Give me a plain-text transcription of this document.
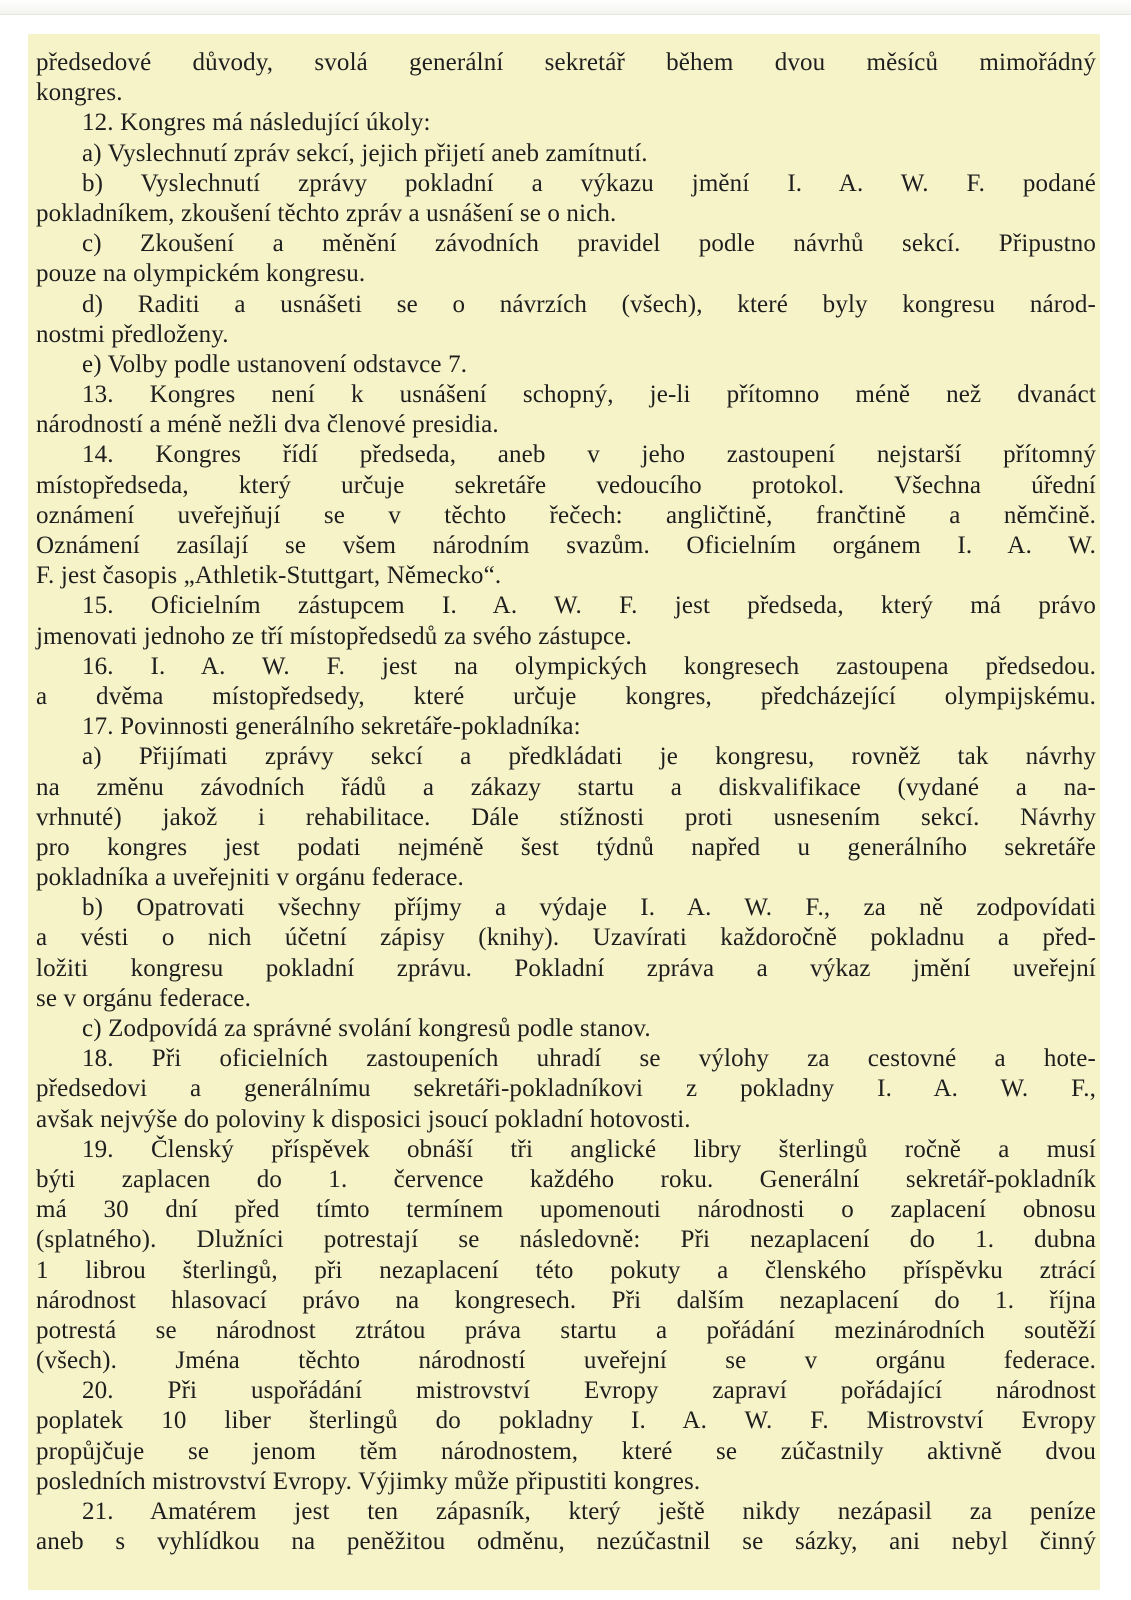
předsedové důvody, svolá generální sekretář během dvou měsíců mimořádný
kongres.
12. Kongres má následující úkoly:
a) Vyslechnutí zpráv sekcí, jejich přijetí aneb zamítnutí.
b) Vyslechnutí zprávy pokladní a výkazu jmění I. A. W. F. podané
pokladníkem, zkoušení těchto zpráv a usnášení se o nich.
c) Zkoušení a měnění závodních pravidel podle návrhů sekcí. Připustno
pouze na olympickém kongresu.
d) Raditi a usnášeti se o návrzích (všech), které byly kongresu národ-
nostmi předloženy.
e) Volby podle ustanovení odstavce 7.
13. Kongres není k usnášení schopný, je-li přítomno méně než dvanáct
národností a méně nežli dva členové presidia.
14. Kongres řídí předseda, aneb v jeho zastoupení nejstarší přítomný
místopředseda, který určuje sekretáře vedoucího protokol. Všechna úřední
oznámení uveřejňují se v těchto řečech: angličtině, frančtině a němčině.
Oznámení zasílají se všem národním svazům. Oficielním orgánem I. A. W.
F. jest časopis „Athletik-Stuttgart, Německo“.
15. Oficielním zástupcem I. A. W. F. jest předseda, který má právo
jmenovati jednoho ze tří místopředsedů za svého zástupce.
16. I. A. W. F. jest na olympických kongresech zastoupena předsedou.
a dvěma místopředsedy, které určuje kongres, předcházející olympijskému.
17. Povinnosti generálního sekretáře-pokladníka:
a) Přijímati zprávy sekcí a předkládati je kongresu, rovněž tak návrhy
na změnu závodních řádů a zákazy startu a diskvalifikace (vydané a na-
vrhnuté) jakož i rehabilitace. Dále stížnosti proti usnesením sekcí. Návrhy
pro kongres jest podati nejméně šest týdnů napřed u generálního sekretáře
pokladníka a uveřejniti v orgánu federace.
b) Opatrovati všechny příjmy a výdaje I. A. W. F., za ně zodpovídati
a vésti o nich účetní zápisy (knihy). Uzavírati každoročně pokladnu a před-
ložiti kongresu pokladní zprávu. Pokladní zpráva a výkaz jmění uveřejní
se v orgánu federace.
c) Zodpovídá za správné svolání kongresů podle stanov.
18. Při oficielních zastoupeních uhradí se výlohy za cestovné a hote-
předsedovi a generálnímu sekretáři-pokladníkovi z pokladny I. A. W. F.,
avšak nejvýše do poloviny k disposici jsoucí pokladní hotovosti.
19. Členský příspěvek obnáší tři anglické libry šterlingů ročně a musí
býti zaplacen do 1. července každého roku. Generální sekretář-pokladník
má 30 dní před tímto termínem upomenouti národnosti o zaplacení obnosu
(splatného). Dlužníci potrestají se následovně: Při nezaplacení do 1. dubna
1 librou šterlingů, při nezaplacení této pokuty a členského příspěvku ztrácí
národnost hlasovací právo na kongresech. Při dalším nezaplacení do 1. října
potrestá se národnost ztrátou práva startu a pořádání mezinárodních soutěží
(všech). Jména těchto národností uveřejní se v orgánu federace.
20. Při uspořádání mistrovství Evropy zapraví pořádající národnost
poplatek 10 liber šterlingů do pokladny I. A. W. F. Mistrovství Evropy
propůjčuje se jenom těm národnostem, které se zúčastnily aktivně dvou
posledních mistrovství Evropy. Výjimky může připustiti kongres.
21. Amatérem jest ten zápasník, který ještě nikdy nezápasil za peníze
aneb s vyhlídkou na peněžitou odměnu, nezúčastnil se sázky, ani nebyl činný
